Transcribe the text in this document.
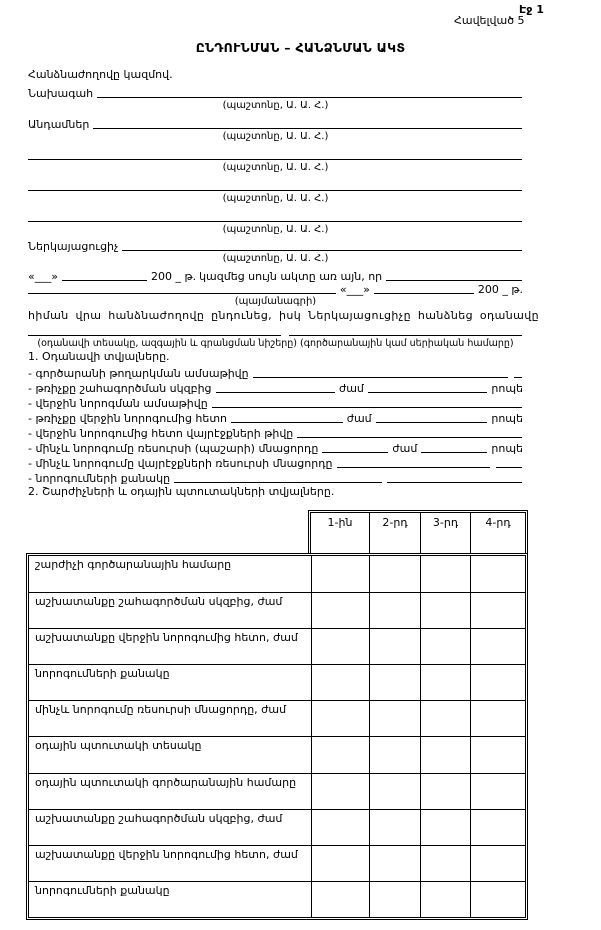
Էջ 1
Հավելված 5
ԸՆԴՈՒՆՄԱՆ – ՀԱՆՁՆՄԱՆ ԱԿՏ
Հանձնաժողովը կազմով.
Նախագահ
(պաշտոնը, Ա. Ա. Հ.)
Անդամներ
(պաշտոնը, Ա. Ա. Հ.)
(պաշտոնը, Ա. Ա. Հ.)
(պաշտոնը, Ա. Ա. Հ.)
(պաշտոնը, Ա. Ա. Հ.)
Ներկայացուցիչ
(պաշտոնը, Ա. Ա. Հ.)
«___»	200 _ թ. կազմեց սույն ակտը առ այն, որ
«___»	200 _ թ.
(պայմանագրի)
հիման վրա հանձնաժողովը ընդունեց, իսկ Ներկայացուցիչը հանձնեց օդանավը
(օդանավի տեսակը, ազգային և գրանցման նիշերը) (գործարանային կամ սերիական համարը)
1. Օդանավի տվյալները.
- գործարանի թողարկման ամսաթիվը
- թռիչքը շահագործման սկզբից	ժամ	րոպե
- վերջին նորոգման ամսաթիվը
- թռիչքը վերջին նորոգումից հետո	ժամ	րոպե
- վերջին նորոգումից հետո վայրէջքների թիվը
- մինչև նորոգումը ռեսուրսի (պաշարի) մնացորդը	ժամ	րոպե
- մինչև նորոգումը վայրէջքների ռեսուրսի մնացորդը
- նորոգումների քանակը
2. Շարժիչների և օդային պտուտակների տվյալները.
1-ին	2-րդ	3-րդ	4-րդ
շարժիչի գործարանային համարը
աշխատանքը շահագործման սկզբից, ժամ
աշխատանքը վերջին նորոգումից հետո, ժամ
նորոգումների քանակը
մինչև նորոգումը ռեսուրսի մնացորդը, ժամ
օդային պտուտակի տեսակը
օդային պտուտակի գործարանային համարը
աշխատանքը շահագործման սկզբից, ժամ
աշխատանքը վերջին նորոգումից հետո, ժամ
նորոգումների քանակը
